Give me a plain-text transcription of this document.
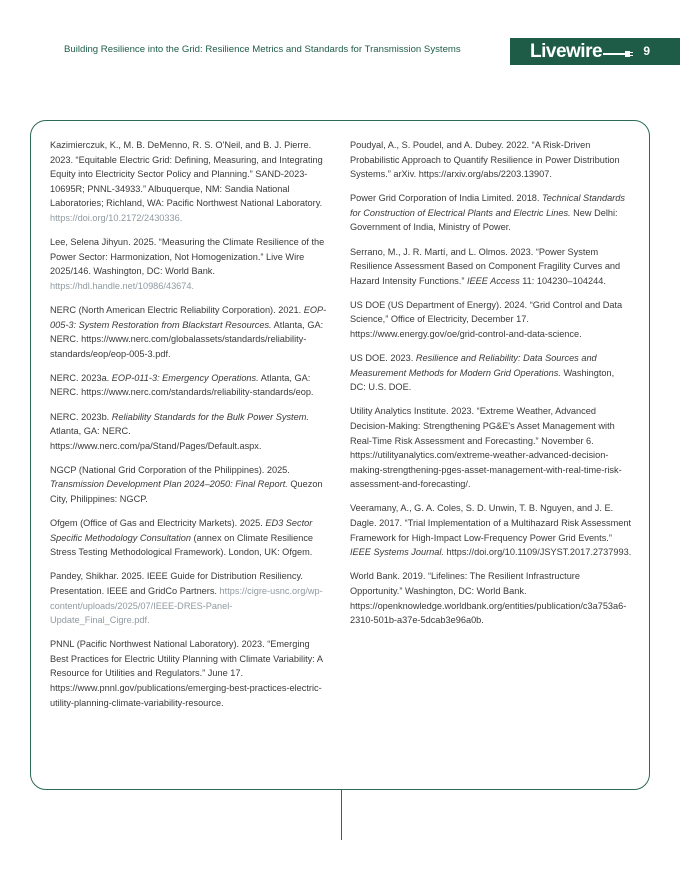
Building Resilience into the Grid: Resilience Metrics and Standards for Transmission Systems	Livewire	9

Kazimierczuk, K., M. B. DeMenno, R. S. O'Neil, and B. J. Pierre. 2023. “Equitable Electric Grid: Defining, Measuring, and Integrating Equity into Electricity Sector Policy and Planning.” SAND-2023-10695R; PNNL-34933.” Albuquerque, NM: Sandia National Laboratories; Richland, WA: Pacific Northwest National Laboratory. https://doi.org/10.2172/2430336.

Lee, Selena Jihyun. 2025. “Measuring the Climate Resilience of the Power Sector: Harmonization, Not Homogenization.” Live Wire 2025/146. Washington, DC: World Bank. https://hdl.handle.net/10986/43674.

NERC (North American Electric Reliability Corporation). 2021. EOP-005-3: System Restoration from Blackstart Resources. Atlanta, GA: NERC. https://www.nerc.com/globalassets/standards/reliability-standards/eop/eop-005-3.pdf.

NERC. 2023a. EOP-011-3: Emergency Operations. Atlanta, GA: NERC. https://www.nerc.com/standards/reliability-standards/eop.

NERC. 2023b. Reliability Standards for the Bulk Power System. Atlanta, GA: NERC. https://www.nerc.com/pa/Stand/Pages/Default.aspx.

NGCP (National Grid Corporation of the Philippines). 2025. Transmission Development Plan 2024–2050: Final Report. Quezon City, Philippines: NGCP.

Ofgem (Office of Gas and Electricity Markets). 2025. ED3 Sector Specific Methodology Consultation (annex on Climate Resilience Stress Testing Methodological Framework). London, UK: Ofgem.

Pandey, Shikhar. 2025. IEEE Guide for Distribution Resiliency. Presentation. IEEE and GridCo Partners. https://cigre-usnc.org/wp-content/uploads/2025/07/IEEE-DRES-Panel-Update_Final_Cigre.pdf.

PNNL (Pacific Northwest National Laboratory). 2023. “Emerging Best Practices for Electric Utility Planning with Climate Variability: A Resource for Utilities and Regulators.” June 17. https://www.pnnl.gov/publications/emerging-best-practices-electric-utility-planning-climate-variability-resource.

Poudyal, A., S. Poudel, and A. Dubey. 2022. “A Risk-Driven Probabilistic Approach to Quantify Resilience in Power Distribution Systems.” arXiv. https://arxiv.org/abs/2203.13907.

Power Grid Corporation of India Limited. 2018. Technical Standards for Construction of Electrical Plants and Electric Lines. New Delhi: Government of India, Ministry of Power.

Serrano, M., J. R. Martí, and L. Olmos. 2023. “Power System Resilience Assessment Based on Component Fragility Curves and Hazard Intensity Functions.” IEEE Access 11: 104230–104244.

US DOE (US Department of Energy). 2024. “Grid Control and Data Science,” Office of Electricity, December 17. https://www.energy.gov/oe/grid-control-and-data-science.

US DOE. 2023. Resilience and Reliability: Data Sources and Measurement Methods for Modern Grid Operations. Washington, DC: U.S. DOE.

Utility Analytics Institute. 2023. “Extreme Weather, Advanced Decision-Making: Strengthening PG&E's Asset Management with Real-Time Risk Assessment and Forecasting.” November 6. https://utilityanalytics.com/extreme-weather-advanced-decision-making-strengthening-pges-asset-management-with-real-time-risk-assessment-and-forecasting/.

Veeramany, A., G. A. Coles, S. D. Unwin, T. B. Nguyen, and J. E. Dagle. 2017. “Trial Implementation of a Multihazard Risk Assessment Framework for High-Impact Low-Frequency Power Grid Events.” IEEE Systems Journal. https://doi.org/10.1109/JSYST.2017.2737993.

World Bank. 2019. “Lifelines: The Resilient Infrastructure Opportunity.” Washington, DC: World Bank. https://openknowledge.worldbank.org/entities/publication/c3a753a6-2310-501b-a37e-5dcab3e96a0b.
